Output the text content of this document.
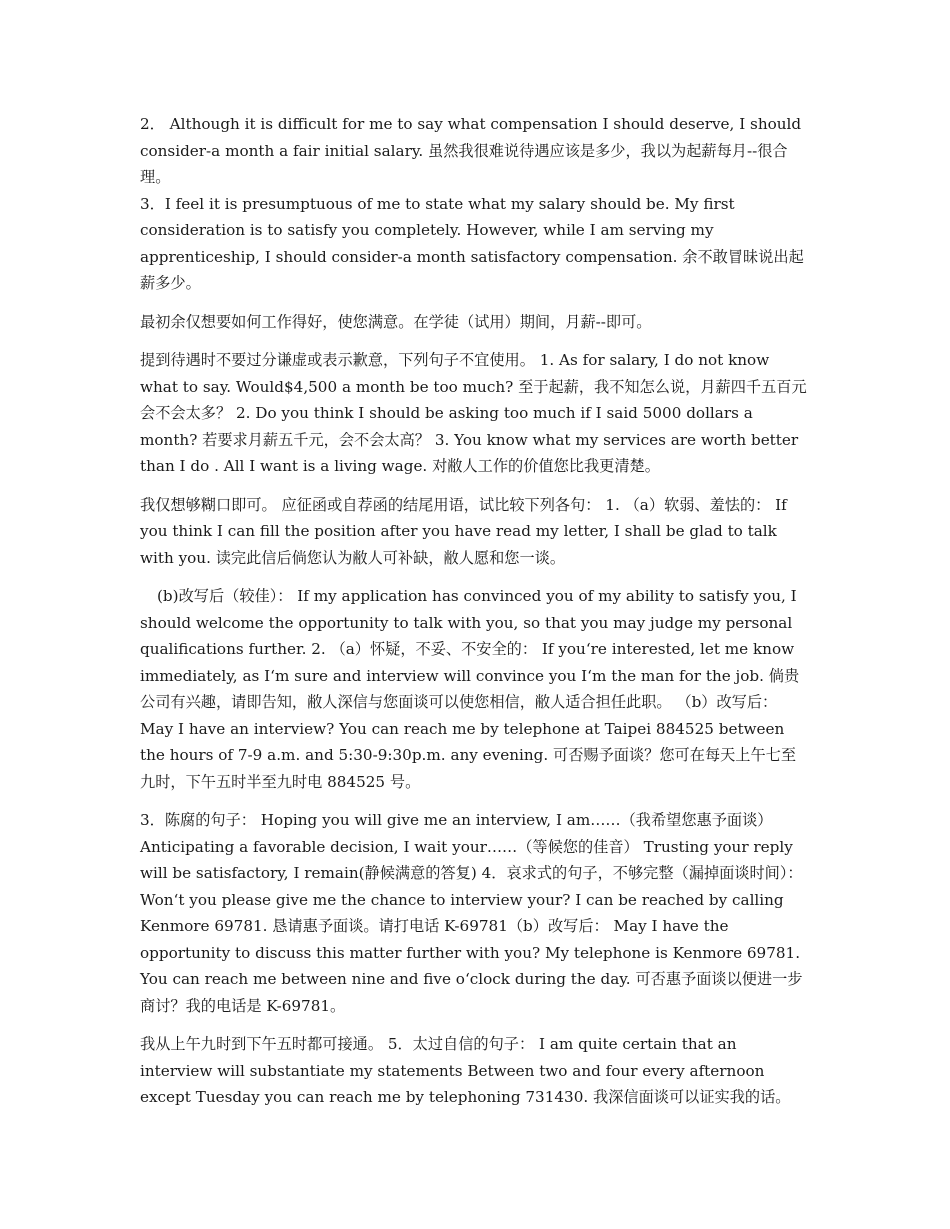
2． Although it is difficult for me to say what compensation I should deserve, I should consider-a month a fair initial salary. 虽然我很难说待遇应该是多少，我以为起薪每月--很合理。

3．I feel it is presumptuous of me to state what my salary should be. My first consideration is to satisfy you completely. However, while I am serving my apprenticeship, I should consider-a month satisfactory compensation. 余不敢冒昧说出起薪多少。

最初余仅想要如何工作得好，使您满意。在学徒（试用）期间，月薪--即可。

提到待遇时不要过分谦虚或表示歉意，下列句子不宜使用。 1. As for salary, I do not know what to say. Would$4,500 a month be too much? 至于起薪，我不知怎么说，月薪四千五百元会不会太多？ 2. Do you think I should be asking too much if I said 5000 dollars a month? 若要求月薪五千元，会不会太高？ 3. You know what my services are worth better than I do . All I want is a living wage. 对敝人工作的价值您比我更清楚。

我仅想够糊口即可。 应征函或自荐函的结尾用语，试比较下列各句： 1. （a）软弱、羞怯的： If you think I can fill the position after you have read my letter, I shall be glad to talk with you. 读完此信后倘您认为敝人可补缺，敝人愿和您一谈。

(b)改写后（较佳）： If my application has convinced you of my ability to satisfy you, I should welcome the opportunity to talk with you, so that you may judge my personal qualifications further. 2. （a）怀疑，不妥、不安全的： If you‘re interested, let me know immediately, as I‘m sure and interview will convince you I‘m the man for the job. 倘贵公司有兴趣，请即告知，敝人深信与您面谈可以使您相信，敝人适合担任此职。 （b）改写后： May I have an interview? You can reach me by telephone at Taipei 884525 between the hours of 7-9 a.m. and 5:30-9:30p.m. any evening. 可否赐予面谈？您可在每天上午七至九时，下午五时半至九时电 884525 号。

3．陈腐的句子： Hoping you will give me an interview, I am……（我希望您惠予面谈） Anticipating a favorable decision, I wait your……（等候您的佳音） Trusting your reply will be satisfactory, I remain(静候满意的答复) 4．哀求式的句子，不够完整（漏掉面谈时间）： Won‘t you please give me the chance to interview your? I can be reached by calling Kenmore 69781. 恳请惠予面谈。请打电话 K-69781（b）改写后： May I have the opportunity to discuss this matter further with you? My telephone is Kenmore 69781. You can reach me between nine and five o‘clock during the day. 可否惠予面谈以便进一步商讨？我的电话是 K-69781。

我从上午九时到下午五时都可接通。 5．太过自信的句子： I am quite certain that an interview will substantiate my statements Between two and four every afternoon except Tuesday you can reach me by telephoning 731430. 我深信面谈可以证实我的话。
